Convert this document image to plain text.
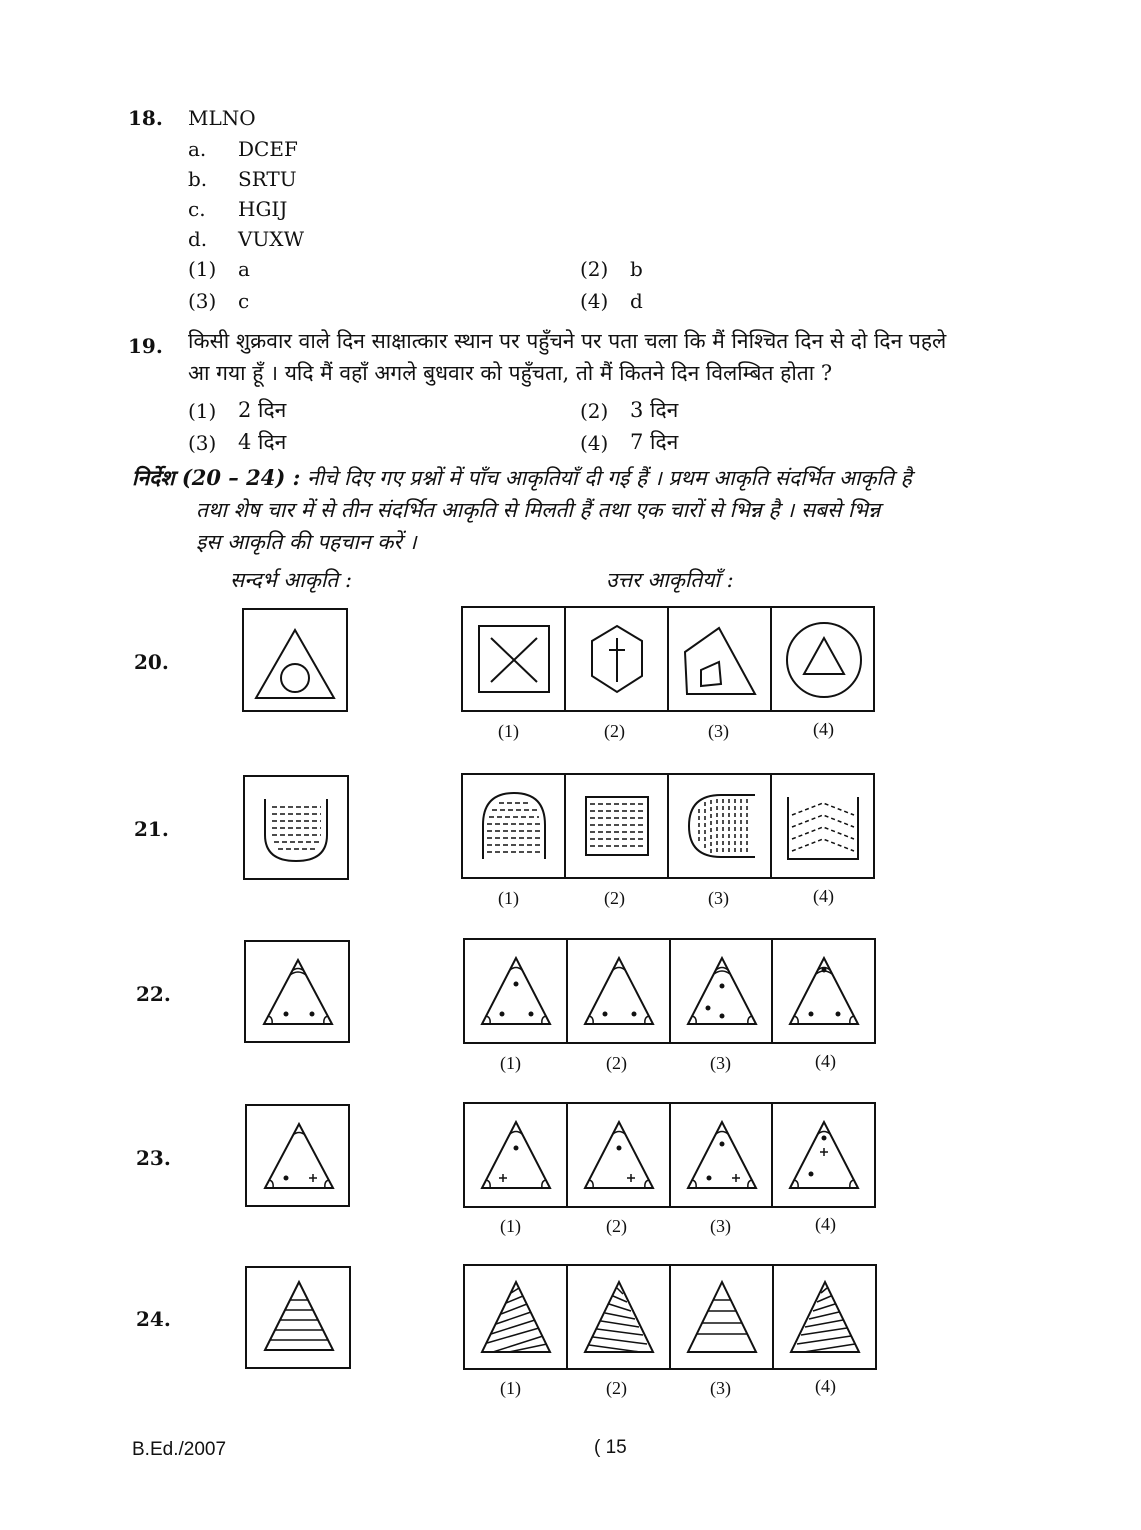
18. MLNO
a. DCEF
b. SRTU
c. HGIJ
d. VUXW
(1) a	(2) b
(3) c	(4) d
19. किसी शुक्रवार वाले दिन साक्षात्कार स्थान पर पहुँचने पर पता चला कि मैं निश्चित दिन से दो दिन पहले
आ गया हूँ । यदि मैं वहाँ अगले बुधवार को पहुँचता, तो मैं कितने दिन विलम्बित होता ?
(1) 2 दिन	(2) 3 दिन
(3) 4 दिन	(4) 7 दिन
निर्देश (20 – 24) : नीचे दिए गए प्रश्नों में पाँच आकृतियाँ दी गई हैं । प्रथम आकृति संदर्भित आकृति है
तथा शेष चार में से तीन संदर्भित आकृति से मिलती हैं तथा एक चारों से भिन्न है । सबसे भिन्न
इस आकृति की पहचान करें ।
सन्दर्भ आकृति :	उत्तर आकृतियाँ :
20.
(1)	(2)	(3)	(4)
21.
(1)	(2)	(3)	(4)
22.
(1)	(2)	(3)	(4)
23.
(1)	(2)	(3)	(4)
24.
(1)	(2)	(3)	(4)
B.Ed./2007	( 15
